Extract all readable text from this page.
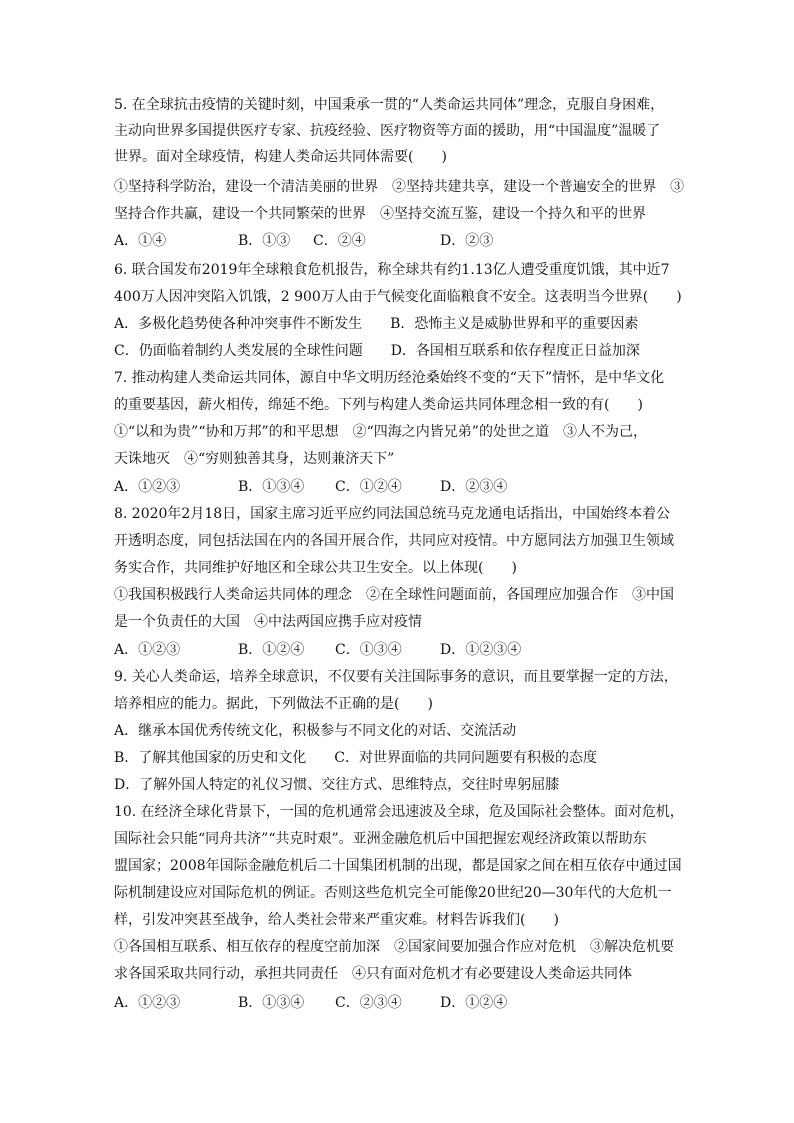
5. 在全球抗击疫情的关键时刻，中国秉承一贯的“人类命运共同体”理念，克服自身困难，
主动向世界多国提供医疗专家、抗疫经验、医疗物资等方面的援助，用“中国温度”温暖了
世界。面对全球疫情，构建人类命运共同体需要(　　)
①坚持科学防治，建设一个清洁美丽的世界　②坚持共建共享，建设一个普遍安全的世界　③
坚持合作共赢，建设一个共同繁荣的世界　④坚持交流互鉴，建设一个持久和平的世界
A．①④	B．①③ C．②④	D．②③
6. 联合国发布2019年全球粮食危机报告，称全球共有约1.13亿人遭受重度饥饿，其中近7
400万人因冲突陷入饥饿，2 900万人由于气候变化面临粮食不安全。这表明当今世界(　　)
A．多极化趋势使各种冲突事件不断发生　　B．恐怖主义是威胁世界和平的重要因素
C．仍面临着制约人类发展的全球性问题　　D．各国相互联系和依存程度正日益加深
7. 推动构建人类命运共同体，源自中华文明历经沧桑始终不变的“天下”情怀，是中华文化
的重要基因，薪火相传，绵延不绝。下列与构建人类命运共同体理念相一致的有(　　)
①“以和为贵”“协和万邦”的和平思想　②“四海之内皆兄弟”的处世之道　③人不为己，
天诛地灭　④“穷则独善其身，达则兼济天下”
A．①②③	B．①③④ C．①②④	D．②③④
8. 2020年2月18日，国家主席习近平应约同法国总统马克龙通电话指出，中国始终本着公
开透明态度，同包括法国在内的各国开展合作，共同应对疫情。中方愿同法方加强卫生领域
务实合作，共同维护好地区和全球公共卫生安全。以上体现(　　)
①我国积极践行人类命运共同体的理念　②在全球性问题面前，各国理应加强合作　③中国
是一个负责任的大国　④中法两国应携手应对疫情
A．①②③	B．①②④ C．①③④	D．①②③④
9. 关心人类命运，培养全球意识，不仅要有关注国际事务的意识，而且要掌握一定的方法，
培养相应的能力。据此，下列做法不正确的是(　　)
A．继承本国优秀传统文化，积极参与不同文化的对话、交流活动
B．了解其他国家的历史和文化　　C．对世界面临的共同问题要有积极的态度
D．了解外国人特定的礼仪习惯、交往方式、思维特点，交往时卑躬屈膝
10. 在经济全球化背景下，一国的危机通常会迅速波及全球，危及国际社会整体。面对危机，
国际社会只能“同舟共济”“共克时艰”。亚洲金融危机后中国把握宏观经济政策以帮助东
盟国家；2008年国际金融危机后二十国集团机制的出现，都是国家之间在相互依存中通过国
际机制建设应对国际危机的例证。否则这些危机完全可能像20世纪20—30年代的大危机一
样，引发冲突甚至战争，给人类社会带来严重灾难。材料告诉我们(　　)
①各国相互联系、相互依存的程度空前加深　②国家间要加强合作应对危机　③解决危机要
求各国采取共同行动，承担共同责任　④只有面对危机才有必要建设人类命运共同体
A．①②③	B．①③④ C．②③④	D．①②④
